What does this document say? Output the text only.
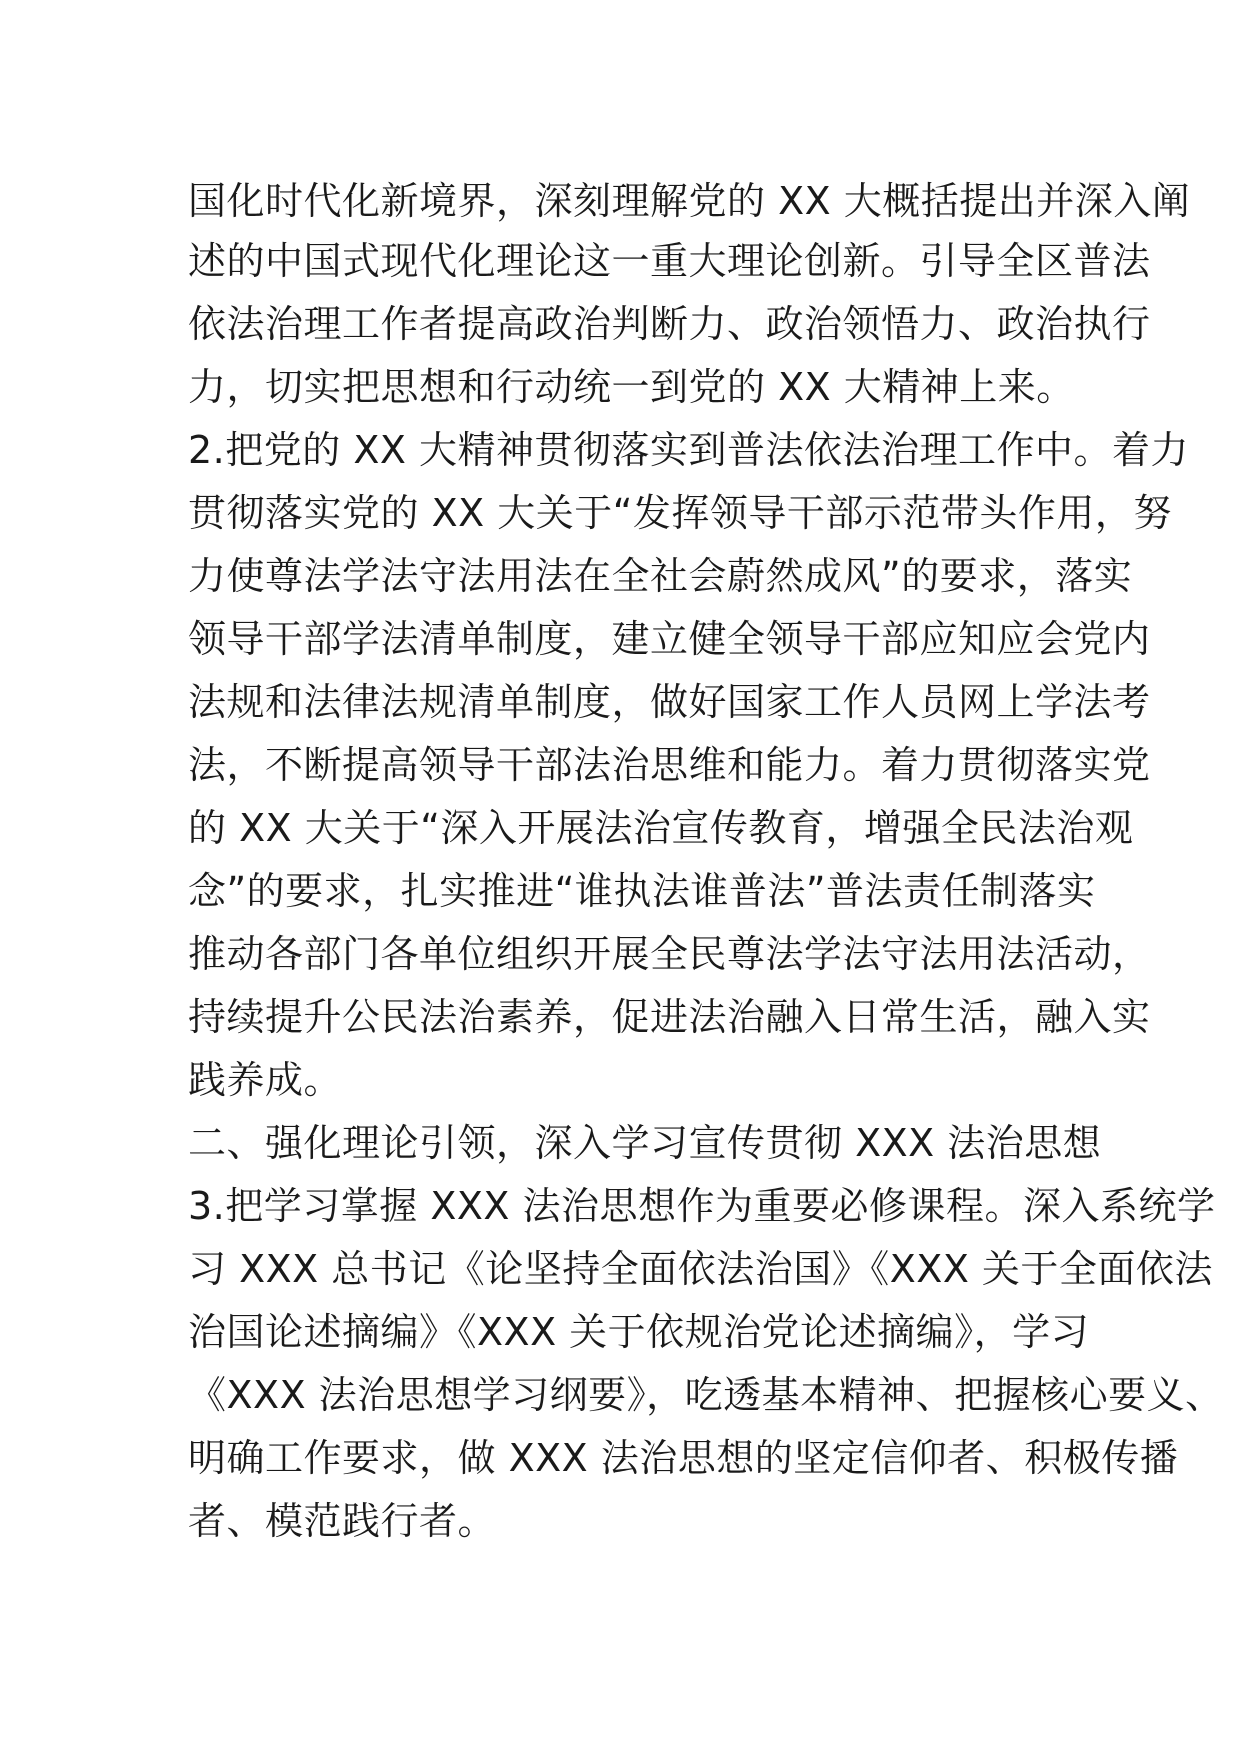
国化时代化新境界，深刻理解党的 XX 大概括提出并深入阐
述的中国式现代化理论这一重大理论创新。引导全区普法
依法治理工作者提高政治判断力、政治领悟力、政治执行
力，切实把思想和行动统一到党的 XX 大精神上来。
2.把党的 XX 大精神贯彻落实到普法依法治理工作中。着力
贯彻落实党的 XX 大关于“发挥领导干部示范带头作用，努
力使尊法学法守法用法在全社会蔚然成风”的要求，落实
领导干部学法清单制度，建立健全领导干部应知应会党内
法规和法律法规清单制度，做好国家工作人员网上学法考
法，不断提高领导干部法治思维和能力。着力贯彻落实党
的 XX 大关于“深入开展法治宣传教育，增强全民法治观
念”的要求，扎实推进“谁执法谁普法”普法责任制落实
推动各部门各单位组织开展全民尊法学法守法用法活动，
持续提升公民法治素养，促进法治融入日常生活，融入实
践养成。
二、强化理论引领，深入学习宣传贯彻 XXX 法治思想
3.把学习掌握 XXX 法治思想作为重要必修课程。深入系统学
习 XXX 总书记《论坚持全面依法治国》《XXX 关于全面依法
治国论述摘编》《XXX 关于依规治党论述摘编》，学习
《XXX 法治思想学习纲要》，吃透基本精神、把握核心要义、
明确工作要求，做 XXX 法治思想的坚定信仰者、积极传播
者、模范践行者。
